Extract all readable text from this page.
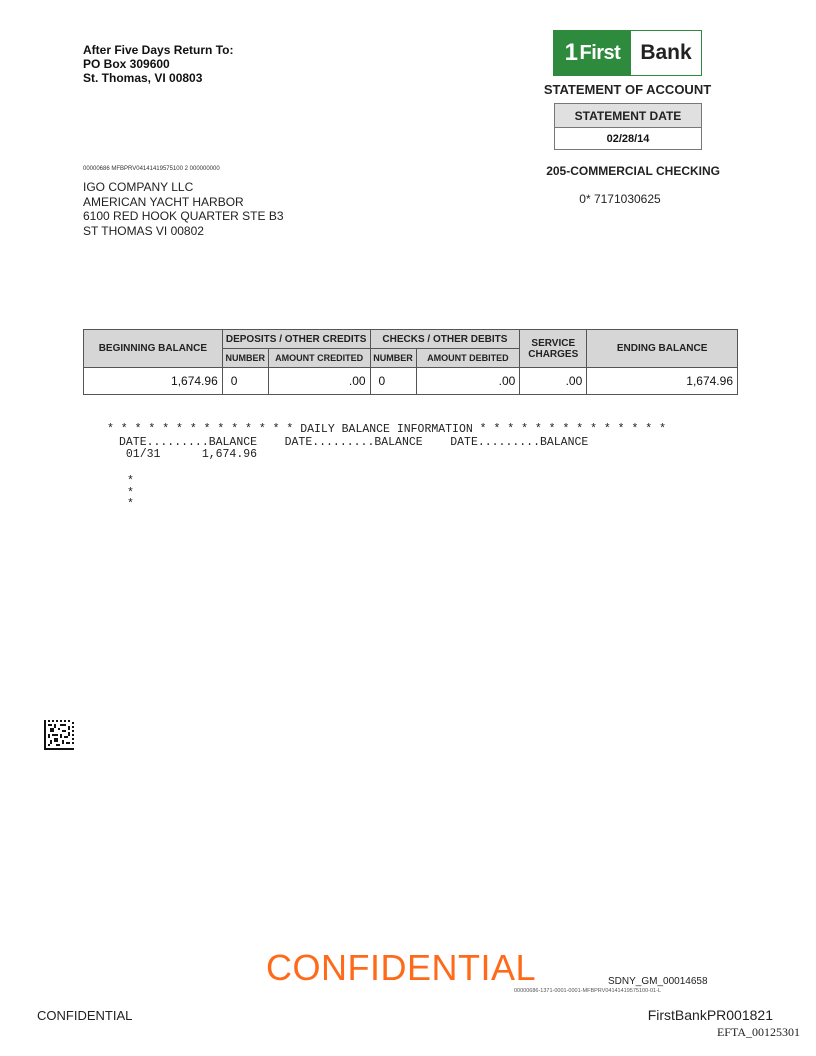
After Five Days Return To:
PO Box 309600
St. Thomas, VI 00803
1 First Bank
STATEMENT OF ACCOUNT
STATEMENT DATE
02/28/14
205-COMMERCIAL CHECKING
0* 7171030625
00000686 MFBPRV04141419575100 2 000000000
IGO COMPANY LLC
AMERICAN YACHT HARBOR
6100 RED HOOK QUARTER STE B3
ST THOMAS VI 00802
BEGINNING BALANCE	DEPOSITS / OTHER CREDITS		CHECKS / OTHER DEBITS		SERVICE CHARGES	ENDING BALANCE
	NUMBER	AMOUNT CREDITED	NUMBER	AMOUNT DEBITED		
1,674.96	0	.00	0	.00	.00	1,674.96
* * * * * * * * * * * * * * DAILY BALANCE INFORMATION * * * * * * * * * * * * * *
DATE.........BALANCE    DATE.........BALANCE    DATE.........BALANCE
01/31      1,674.96
*
*
*
CONFIDENTIAL	SDNY_GM_00014658
00000686-1371-0001-0001-MFBPRV04141419575100-01-L
CONFIDENTIAL	FirstBankPR001821
EFTA_00125301
